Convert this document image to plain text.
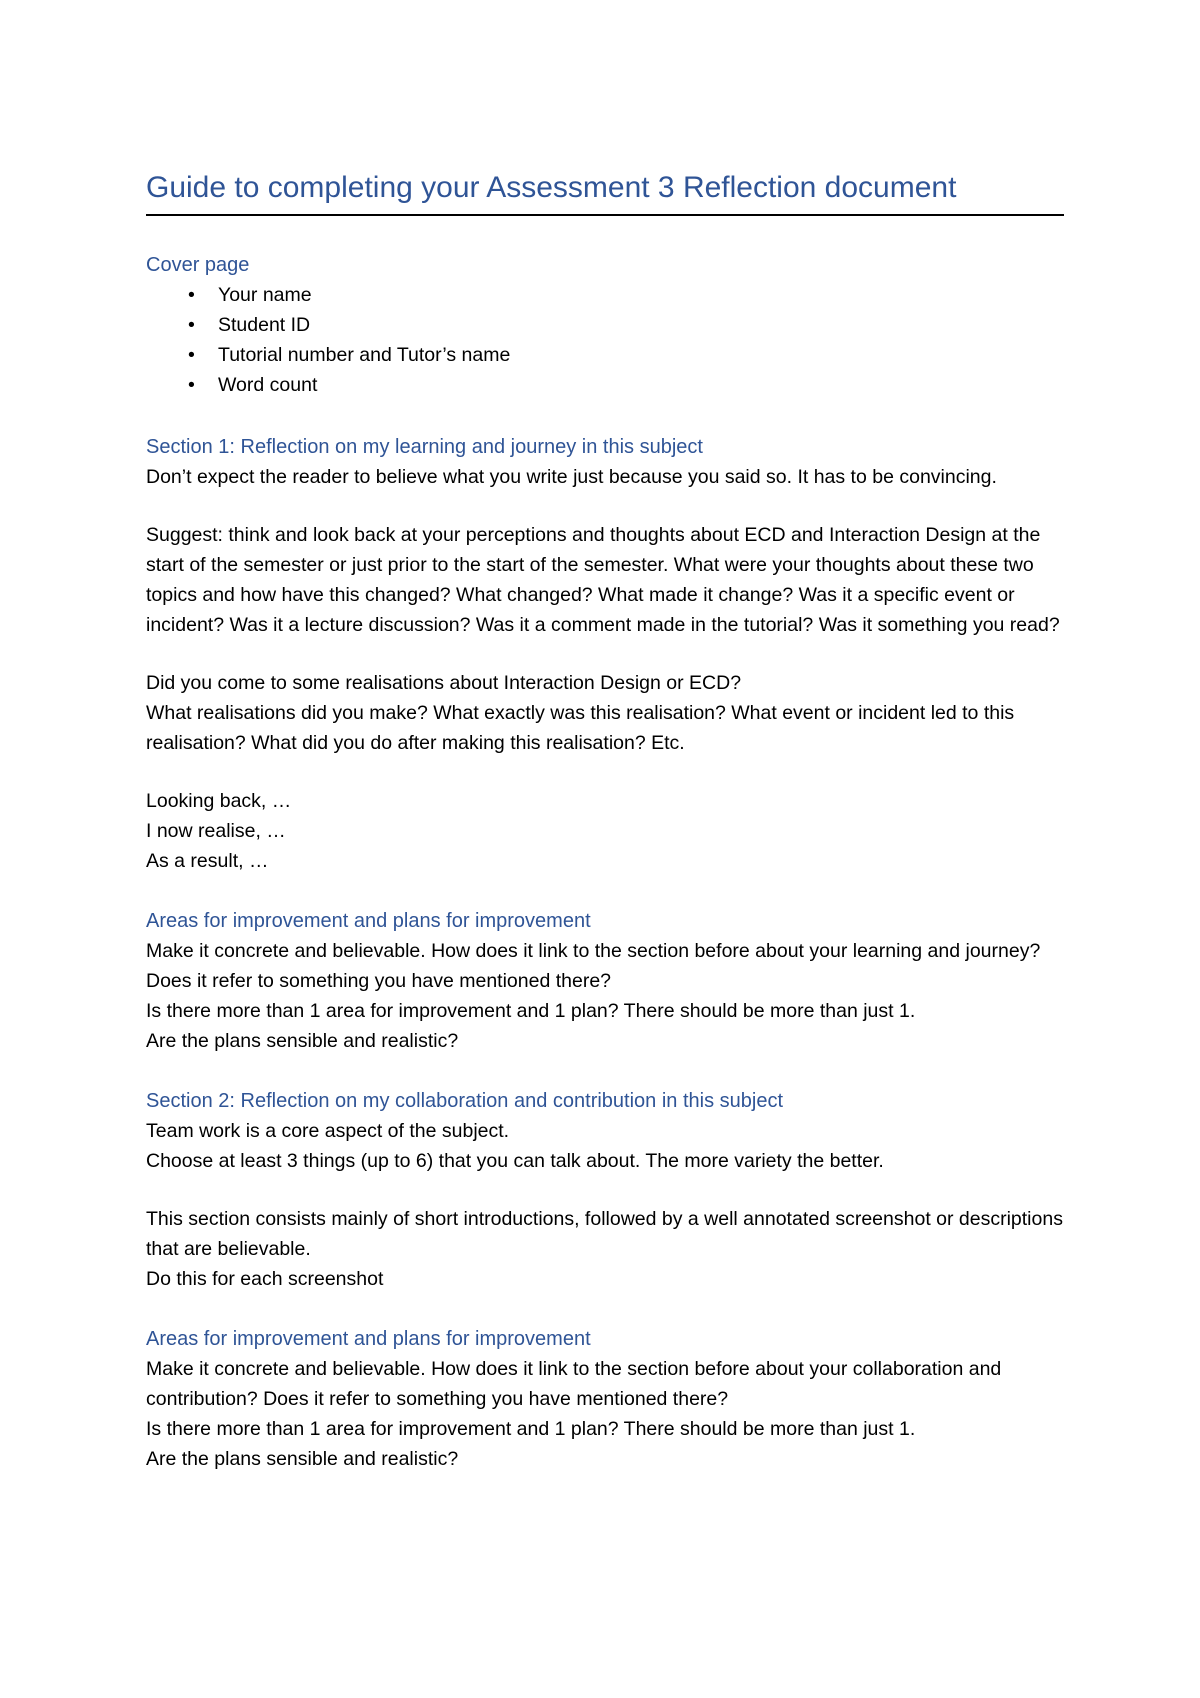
Guide to completing your Assessment 3 Reflection document
Cover page
•	Your name
•	Student ID
•	Tutorial number and Tutor’s name
•	Word count
Section 1: Reflection on my learning and journey in this subject

Don’t expect the reader to believe what you write just because you said so. It has to be convincing.

Suggest: think and look back at your perceptions and thoughts about ECD and Interaction Design at the start of the semester or just prior to the start of the semester. What were your thoughts about these two topics and how have this changed? What changed? What made it change? Was it a specific event or incident? Was it a lecture discussion? Was it a comment made in the tutorial? Was it something you read?

Did you come to some realisations about Interaction Design or ECD?

What realisations did you make? What exactly was this realisation? What event or incident led to this realisation? What did you do after making this realisation? Etc.

Looking back, …

I now realise, …

As a result, …

Areas for improvement and plans for improvement

Make it concrete and believable. How does it link to the section before about your learning and journey? Does it refer to something you have mentioned there?

Is there more than 1 area for improvement and 1 plan? There should be more than just 1.

Are the plans sensible and realistic?

Section 2: Reflection on my collaboration and contribution in this subject

Team work is a core aspect of the subject.

Choose at least 3 things (up to 6) that you can talk about. The more variety the better.

This section consists mainly of short introductions, followed by a well annotated screenshot or descriptions that are believable.

Do this for each screenshot

Areas for improvement and plans for improvement

Make it concrete and believable. How does it link to the section before about your collaboration and contribution? Does it refer to something you have mentioned there?

Is there more than 1 area for improvement and 1 plan? There should be more than just 1.

Are the plans sensible and realistic?
